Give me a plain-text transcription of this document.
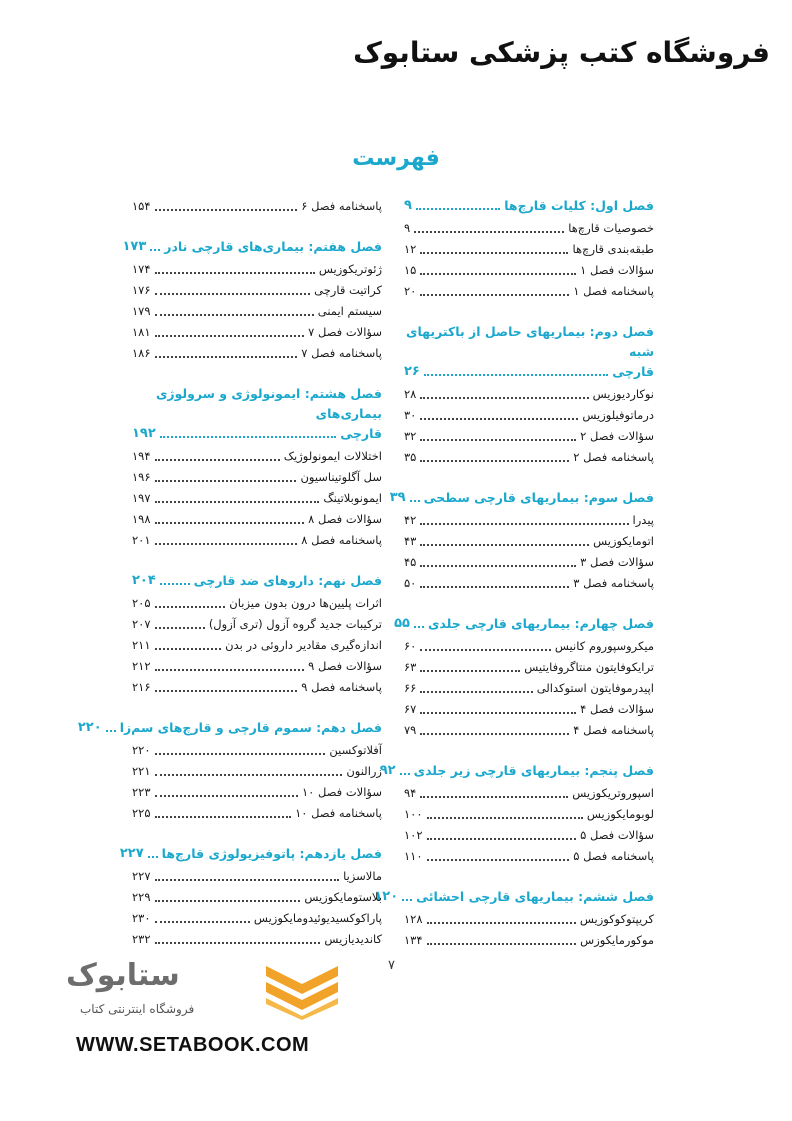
فروشگاه کتب پزشکی ستابوک
فهرست
فصل اول: کلیات قارچ‌ها
۹
خصوصیات قارچ‌ها
۹
طبقه‌بندی قارچ‌ها
۱۲
سؤالات فصل ۱
۱۵
پاسخنامه فصل ۱
۲۰
فصل دوم: بیماریهای حاصل از باکتریهای شبه
قارچی
۲۶
نوکاردیوزیس
۲۸
درماتوفیلوزیس
۳۰
سؤالات فصل ۲
۳۲
پاسخنامه فصل ۲
۳۵
فصل سوم: بیماریهای قارچی سطحی
۳۹
پیدرا
۴۲
اتومایکوزیس
۴۳
سؤالات فصل ۳
۴۵
پاسخنامه فصل ۳
۵۰
فصل چهارم: بیماریهای قارچی جلدی
۵۵
میکروسپوروم کانیس
۶۰
ترایکوفایتون منتاگروفایتیس
۶۳
اپیدرموفایتون استوکدالی
۶۶
سؤالات فصل ۴
۶۷
پاسخنامه فصل ۴
۷۹
فصل پنجم: بیماریهای قارچی زیر جلدی
۹۲
اسپوروتریکوزیس
۹۴
لوبومایکوزیس
۱۰۰
سؤالات فصل ۵
۱۰۲
پاسخنامه فصل ۵
۱۱۰
فصل ششم: بیماریهای قارچی احشائی
۱۲۰
کریپتوکوکوزیس
۱۲۸
موکورمایکوزس
۱۳۴
پاسخنامه فصل ۶
۱۵۴
فصل هفتم: بیماری‌های قارچی نادر
۱۷۳
ژئوتریکوزیس
۱۷۴
کراتیت قارچی
۱۷۶
سیستم ایمنی
۱۷۹
سؤالات فصل ۷
۱۸۱
پاسخنامه فصل ۷
۱۸۶
فصل هشتم: ایمونولوژی و سرولوژی بیماری‌های
قارچی
۱۹۲
اختلالات ایمونولوژیک
۱۹۴
سل آگلوتیناسیون
۱۹۶
ایمونوبلاتینگ
۱۹۷
سؤالات فصل ۸
۱۹۸
پاسخنامه فصل ۸
۲۰۱
فصل نهم: داروهای ضد قارچی
۲۰۴
اثرات پلیین‌ها درون بدون میزبان
۲۰۵
ترکیبات جدید گروه آزول (تری آزول)
۲۰۷
اندازه‌گیری مقادیر داروئی در بدن
۲۱۱
سؤالات فصل ۹
۲۱۲
پاسخنامه فصل ۹
۲۱۶
فصل دهم: سموم قارچی و قارچ‌های سم‌زا
۲۲۰
آفلاتوکسین
۲۲۰
زرالنون
۲۲۱
سؤالات فصل ۱۰
۲۲۳
پاسخنامه فصل ۱۰
۲۲۵
فصل یازدهم: پاتوفیزیولوژی قارچ‌ها
۲۲۷
مالاسزیا
۲۲۷
بلاستومایکوزیس
۲۲۹
پاراکوکسیدیوئیدومایکوزیس
۲۳۰
کاندیدیازیس
۲۳۲
۷
ستابوک
فروشگاه اینترنتی کتاب
WWW.SETABOOK.COM
